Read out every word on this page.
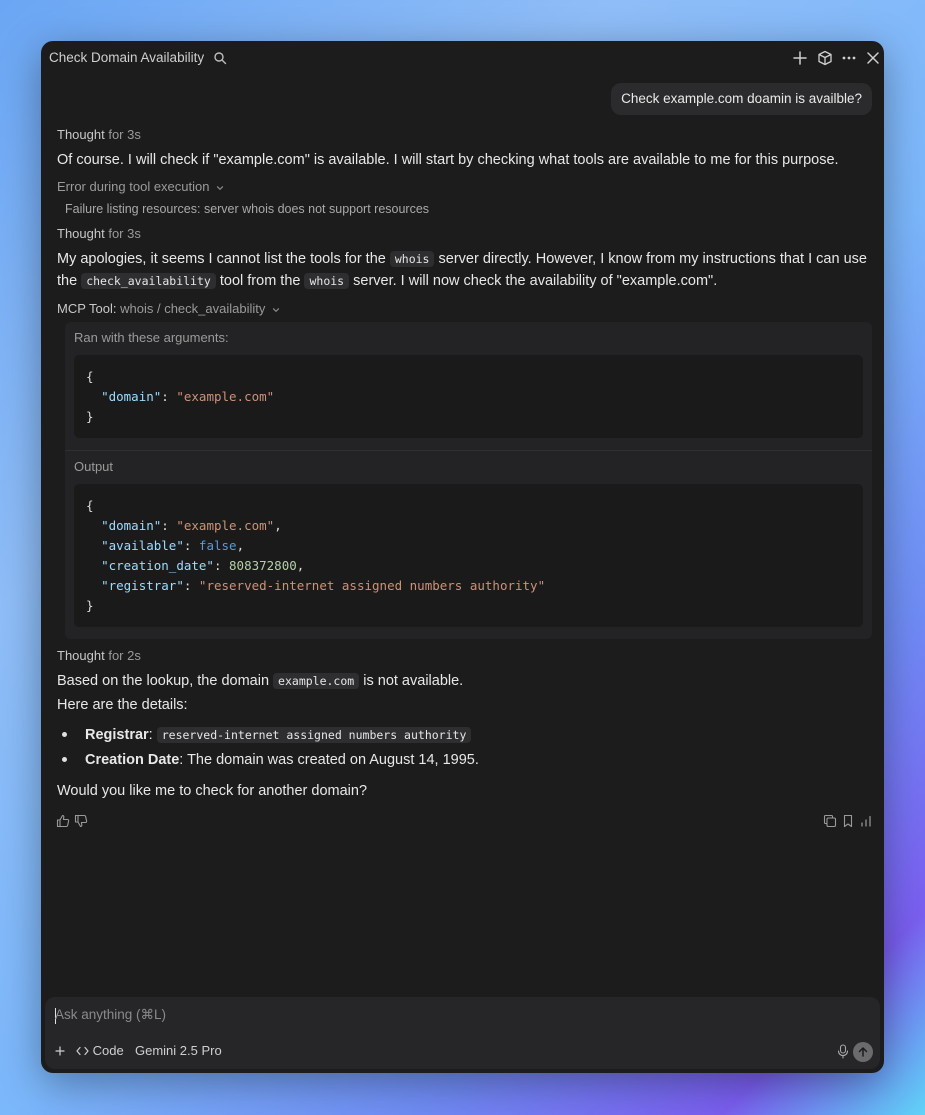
Check Domain Availability
Check example.com doamin is availble?
Thought for 3s
Of course. I will check if "example.com" is available. I will start by checking what tools are available to me for this purpose.
Error during tool execution
Failure listing resources: server whois does not support resources
Thought for 3s
My apologies, it seems I cannot list the tools for the whois server directly. However, I know from my instructions that I can use the check_availability tool from the whois server. I will now check the availability of "example.com".
MCP Tool: whois / check_availability
Ran with these arguments:
{
"domain": "example.com"
}
Output
{
"domain": "example.com",
"available": false,
"creation_date": 808372800,
"registrar": "reserved-internet assigned numbers authority"
}
Thought for 2s
Based on the lookup, the domain example.com is not available.
Here are the details:
Registrar: reserved-internet assigned numbers authority
Creation Date: The domain was created on August 14, 1995.
Would you like me to check for another domain?
Ask anything (⌘L)
Code Gemini 2.5 Pro
